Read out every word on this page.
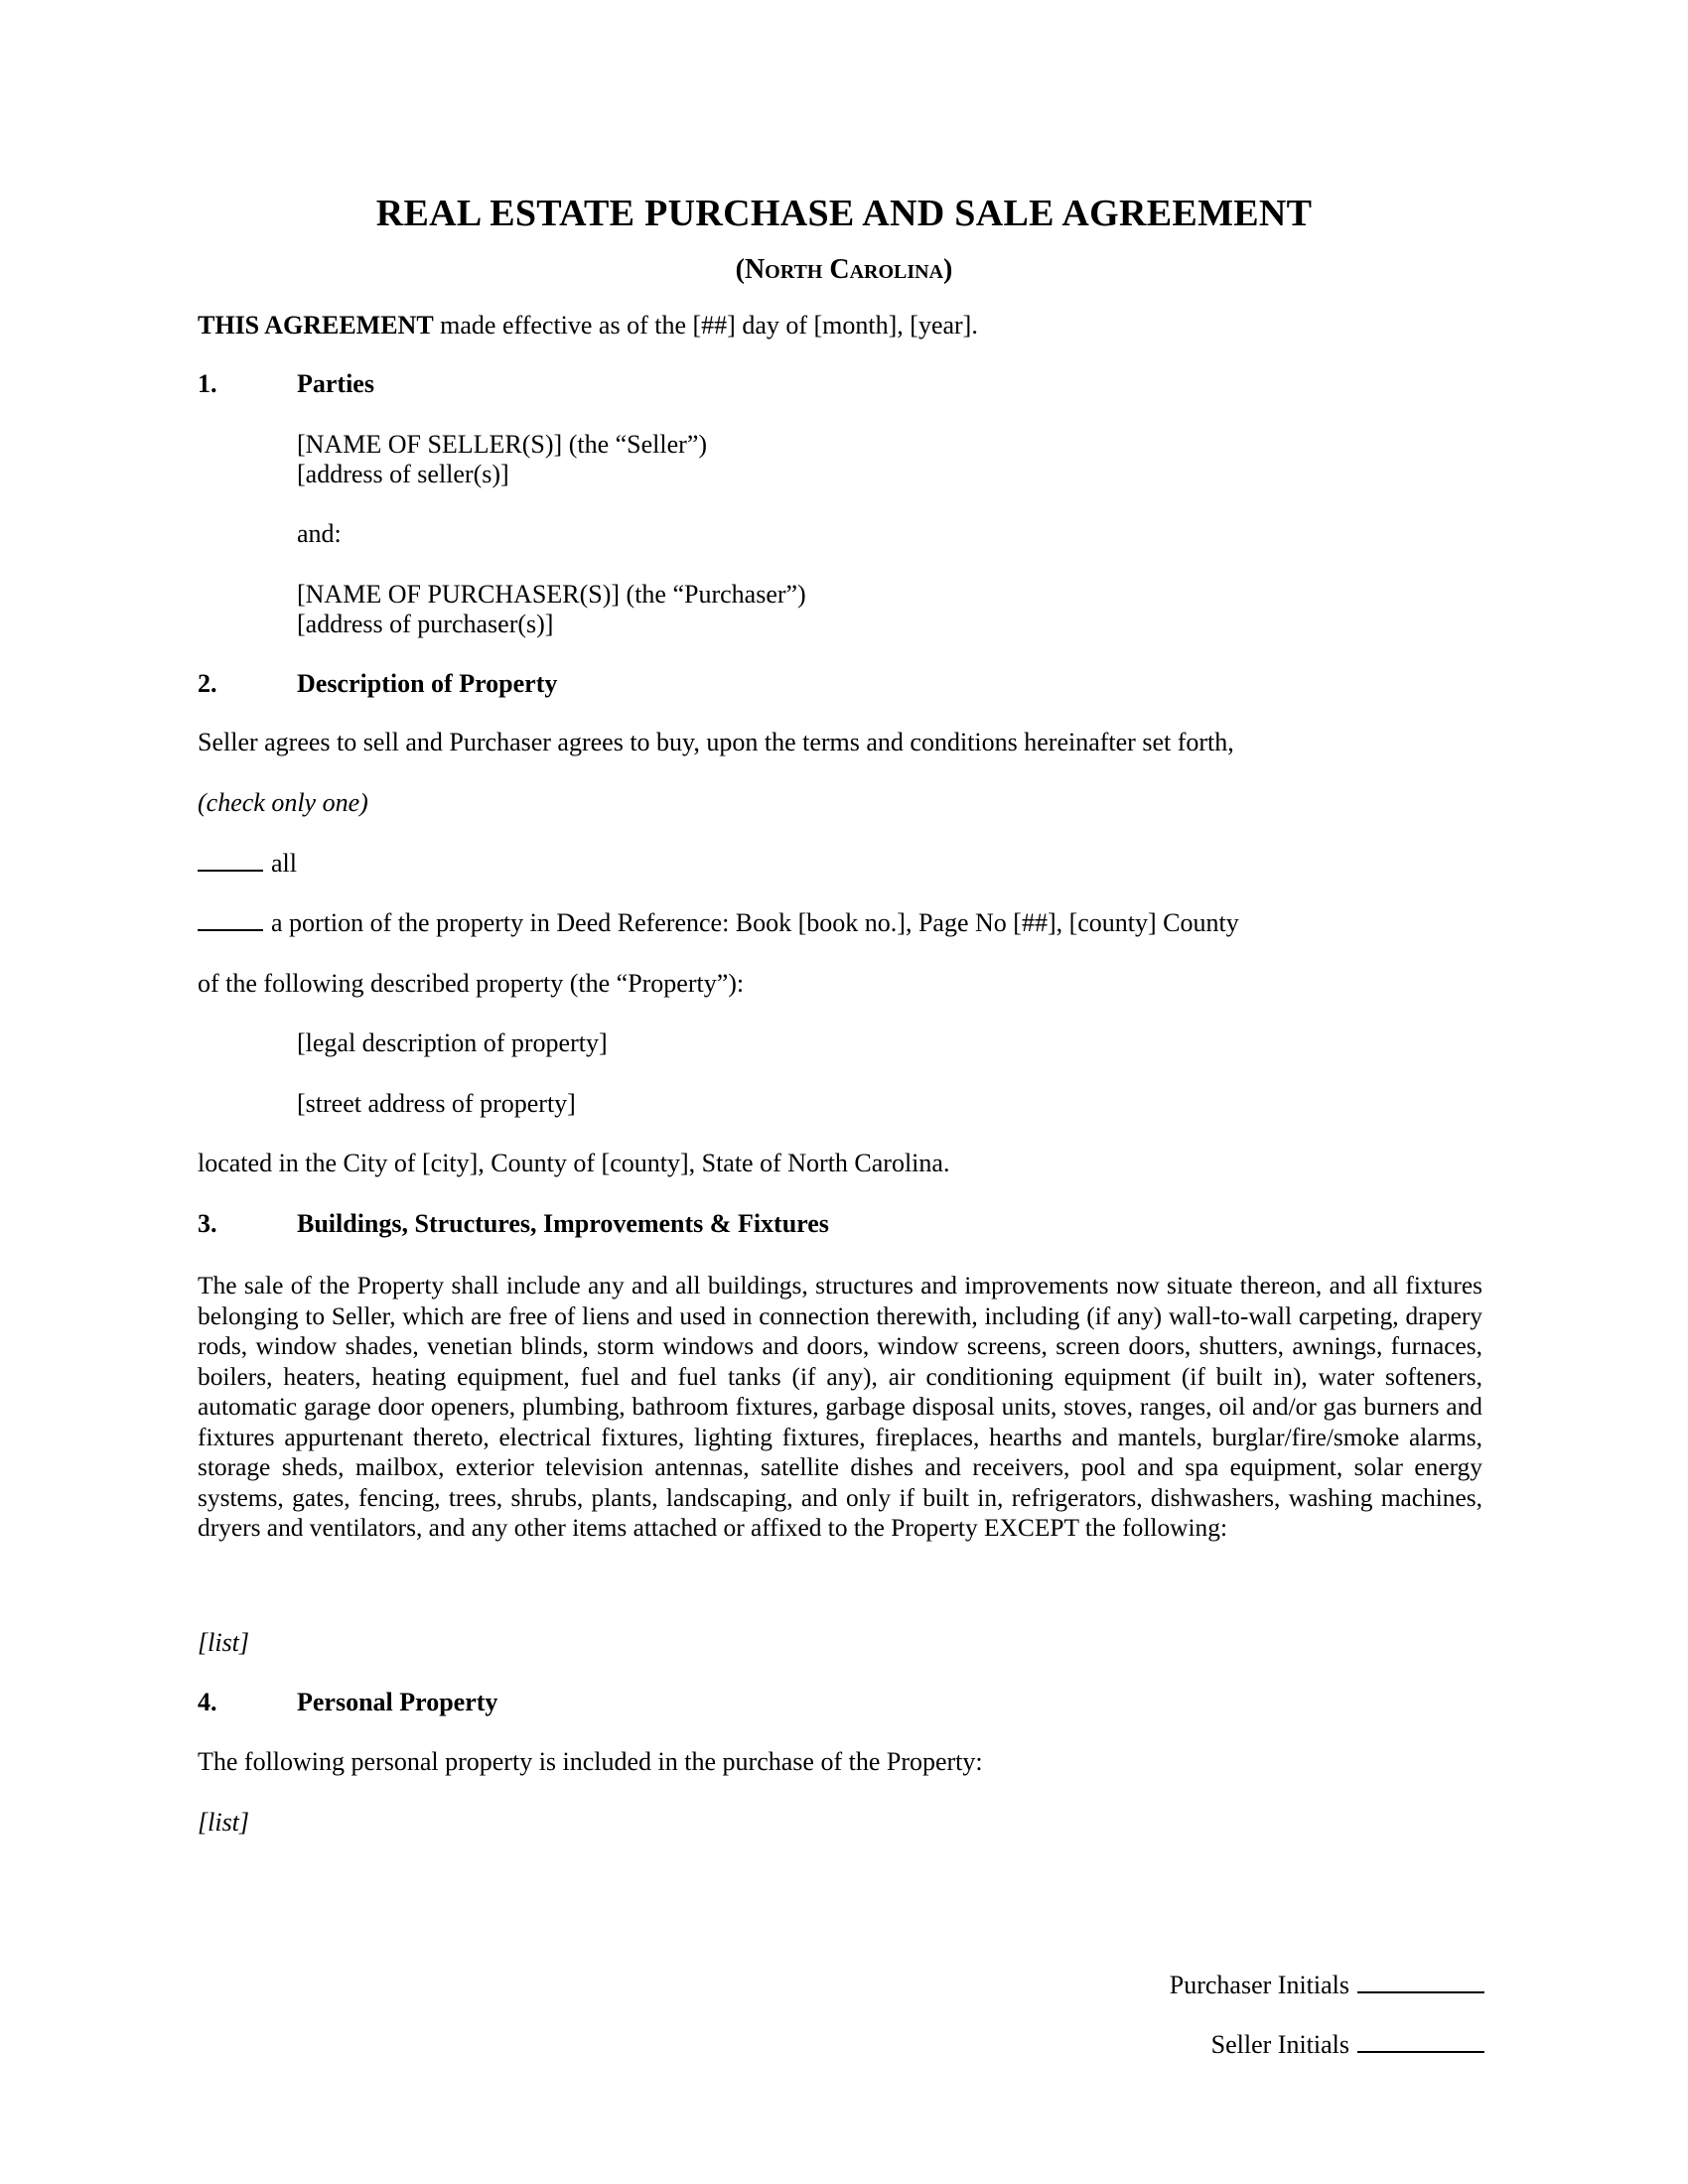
REAL ESTATE PURCHASE AND SALE AGREEMENT
(North Carolina)
THIS AGREEMENT made effective as of the [##] day of [month], [year].
1.	Parties
[NAME OF SELLER(S)] (the “Seller”)
[address of seller(s)]
and:
[NAME OF PURCHASER(S)] (the “Purchaser”)
[address of purchaser(s)]
2.	Description of Property
Seller agrees to sell and Purchaser agrees to buy, upon the terms and conditions hereinafter set forth,
(check only one)
all
a portion of the property in Deed Reference: Book [book no.], Page No [##], [county] County
of the following described property (the “Property”):
[legal description of property]
[street address of property]
located in the City of [city], County of [county], State of North Carolina.
3.	Buildings, Structures, Improvements & Fixtures
The sale of the Property shall include any and all buildings, structures and improvements now situate thereon, and all fixtures belonging to Seller, which are free of liens and used in connection therewith, including (if any) wall-to-wall carpeting, drapery rods, window shades, venetian blinds, storm windows and doors, window screens, screen doors, shutters, awnings, furnaces, boilers, heaters, heating equipment, fuel and fuel tanks (if any), air conditioning equipment (if built in), water softeners, automatic garage door openers, plumbing, bathroom fixtures, garbage disposal units, stoves, ranges, oil and/or gas burners and fixtures appurtenant thereto, electrical fixtures, lighting fixtures, fireplaces, hearths and mantels, burglar/fire/smoke alarms, storage sheds, mailbox, exterior television antennas, satellite dishes and receivers, pool and spa equipment, solar energy systems, gates, fencing, trees, shrubs, plants, landscaping, and only if built in, refrigerators, dishwashers, washing machines, dryers and ventilators, and any other items attached or affixed to the Property EXCEPT the following:
[list]
4.	Personal Property
The following personal property is included in the purchase of the Property:
[list]
Purchaser Initials
Seller Initials
